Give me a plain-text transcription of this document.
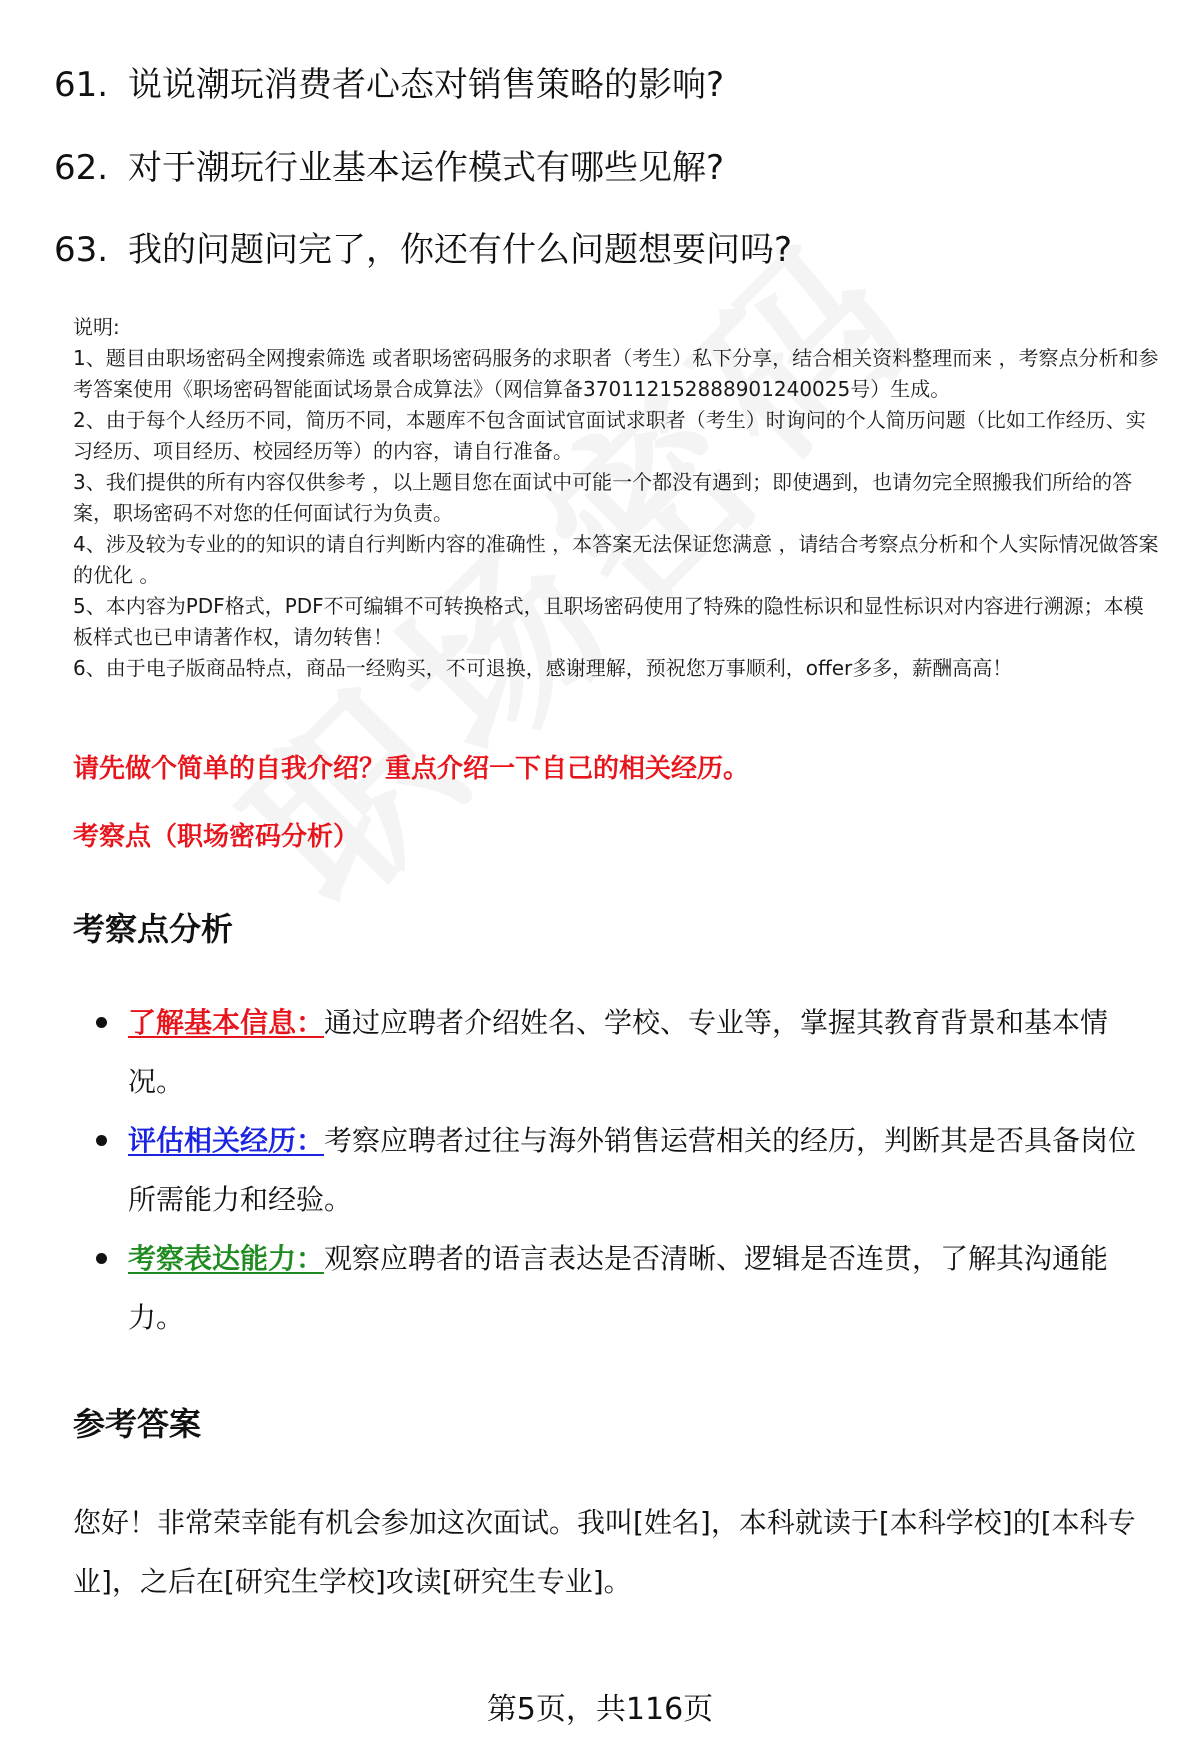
61. 说说潮玩消费者心态对销售策略的影响?
62. 对于潮玩行业基本运作模式有哪些见解?
63. 我的问题问完了，你还有什么问题想要问吗?

说明:

1、题目由职场密码全网搜索筛选 或者职场密码服务的求职者（考生）私下分享，结合相关资料整理而来 ，考察点分析和参考答案使用《职场密码智能面试场景合成算法》（网信算备370112152888901240025号）生成。

2、由于每个人经历不同，简历不同，本题库不包含面试官面试求职者（考生）时询问的个人简历问题（比如工作经历、实习经历、项目经历、校园经历等）的内容，请自行准备。

3、我们提供的所有内容仅供参考 ，以上题目您在面试中可能一个都没有遇到；即使遇到，也请勿完全照搬我们所给的答案，职场密码不对您的任何面试行为负责。

4、涉及较为专业的的知识的请自行判断内容的准确性 ，本答案无法保证您满意 ，请结合考察点分析和个人实际情况做答案的优化 。

5、本内容为PDF格式，PDF不可编辑不可转换格式，且职场密码使用了特殊的隐性标识和显性标识对内容进行溯源；本模板样式也已申请著作权，请勿转售！

6、由于电子版商品特点，商品一经购买，不可退换，感谢理解，预祝您万事顺利，offer多多，薪酬高高！

请先做个简单的自我介绍？重点介绍一下自己的相关经历。
考察点（职场密码分析）
考察点分析
了解基本信息：通过应聘者介绍姓名、学校、专业等，掌握其教育背景和基本情况。
评估相关经历：考察应聘者过往与海外销售运营相关的经历，判断其是否具备岗位所需能力和经验。
考察表达能力：观察应聘者的语言表达是否清晰、逻辑是否连贯，了解其沟通能力。
参考答案

您好！非常荣幸能有机会参加这次面试。我叫[姓名]，本科就读于[本科学校]的[本科专业]，之后在[研究生学校]攻读[研究生专业]。

第5页，共116页
